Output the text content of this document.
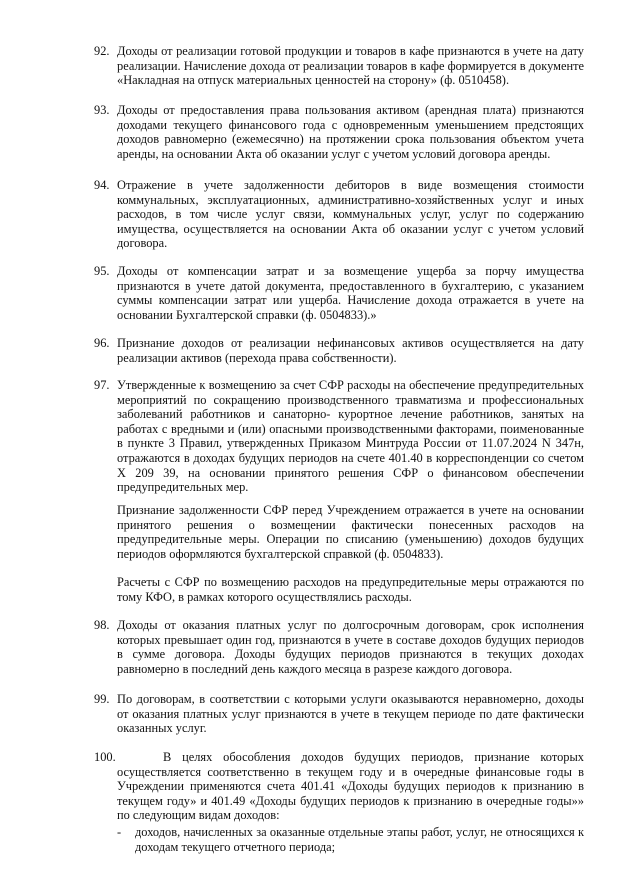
92. Доходы от реализации готовой продукции и товаров в кафе признаются в учете на дату реализации. Начисление дохода от реализации товаров в кафе формируется в документе «Накладная на отпуск материальных ценностей на сторону» (ф. 0510458).
93. Доходы от предоставления права пользования активом (арендная плата) признаются доходами текущего финансового года с одновременным уменьшением предстоящих доходов равномерно (ежемесячно) на протяжении срока пользования объектом учета аренды, на основании Акта об оказании услуг с учетом условий договора аренды.
94. Отражение в учете задолженности дебиторов в виде возмещения стоимости коммунальных, эксплуатационных, административно-хозяйственных услуг и иных расходов, в том числе услуг связи, коммунальных услуг, услуг по содержанию имущества, осуществляется на основании Акта об оказании услуг с учетом условий договора.
95. Доходы от компенсации затрат и за возмещение ущерба за порчу имущества признаются в учете датой документа, предоставленного в бухгалтерию, с указанием суммы компенсации затрат или ущерба. Начисление дохода отражается в учете на основании Бухгалтерской справки (ф. 0504833).»
96. Признание доходов от реализации нефинансовых активов осуществляется на дату реализации активов (перехода права собственности).
97. Утвержденные к возмещению за счет СФР расходы на обеспечение предупредительных мероприятий по сокращению производственного травматизма и профессиональных заболеваний работников и санаторно- курортное лечение работников, занятых на работах с вредными и (или) опасными производственными факторами, поименованные в пункте 3 Правил, утвержденных Приказом Минтруда России от 11.07.2024 N 347н, отражаются в доходах будущих периодов на счете 401.40 в корреспонденции со счетом Х 209 39, на основании принятого решения СФР о финансовом обеспечении предупредительных мер.
Признание задолженности СФР перед Учреждением отражается в учете на основании принятого решения о возмещении фактически понесенных расходов на предупредительные меры. Операции по списанию (уменьшению) доходов будущих периодов оформляются бухгалтерской справкой (ф. 0504833).
Расчеты с СФР по возмещению расходов на предупредительные меры отражаются по тому КФО, в рамках которого осуществлялись расходы.
98. Доходы от оказания платных услуг по долгосрочным договорам, срок исполнения которых превышает один год, признаются в учете в составе доходов будущих периодов в сумме договора. Доходы будущих периодов признаются в текущих доходах равномерно в последний день каждого месяца в разрезе каждого договора.
99. По договорам, в соответствии с которыми услуги оказываются неравномерно, доходы от оказания платных услуг признаются в учете в текущем периоде по дате фактически оказанных услуг.
100.	В целях обособления доходов будущих периодов, признание которых осуществляется соответственно в текущем году и в очередные финансовые годы в Учреждении применяются счета 401.41 «Доходы будущих периодов к признанию в текущем году» и 401.49 «Доходы будущих периодов к признанию в очередные годы»» по следующим видам доходов:
- доходов, начисленных за оказанные отдельные этапы работ, услуг, не относящихся к доходам текущего отчетного периода;
